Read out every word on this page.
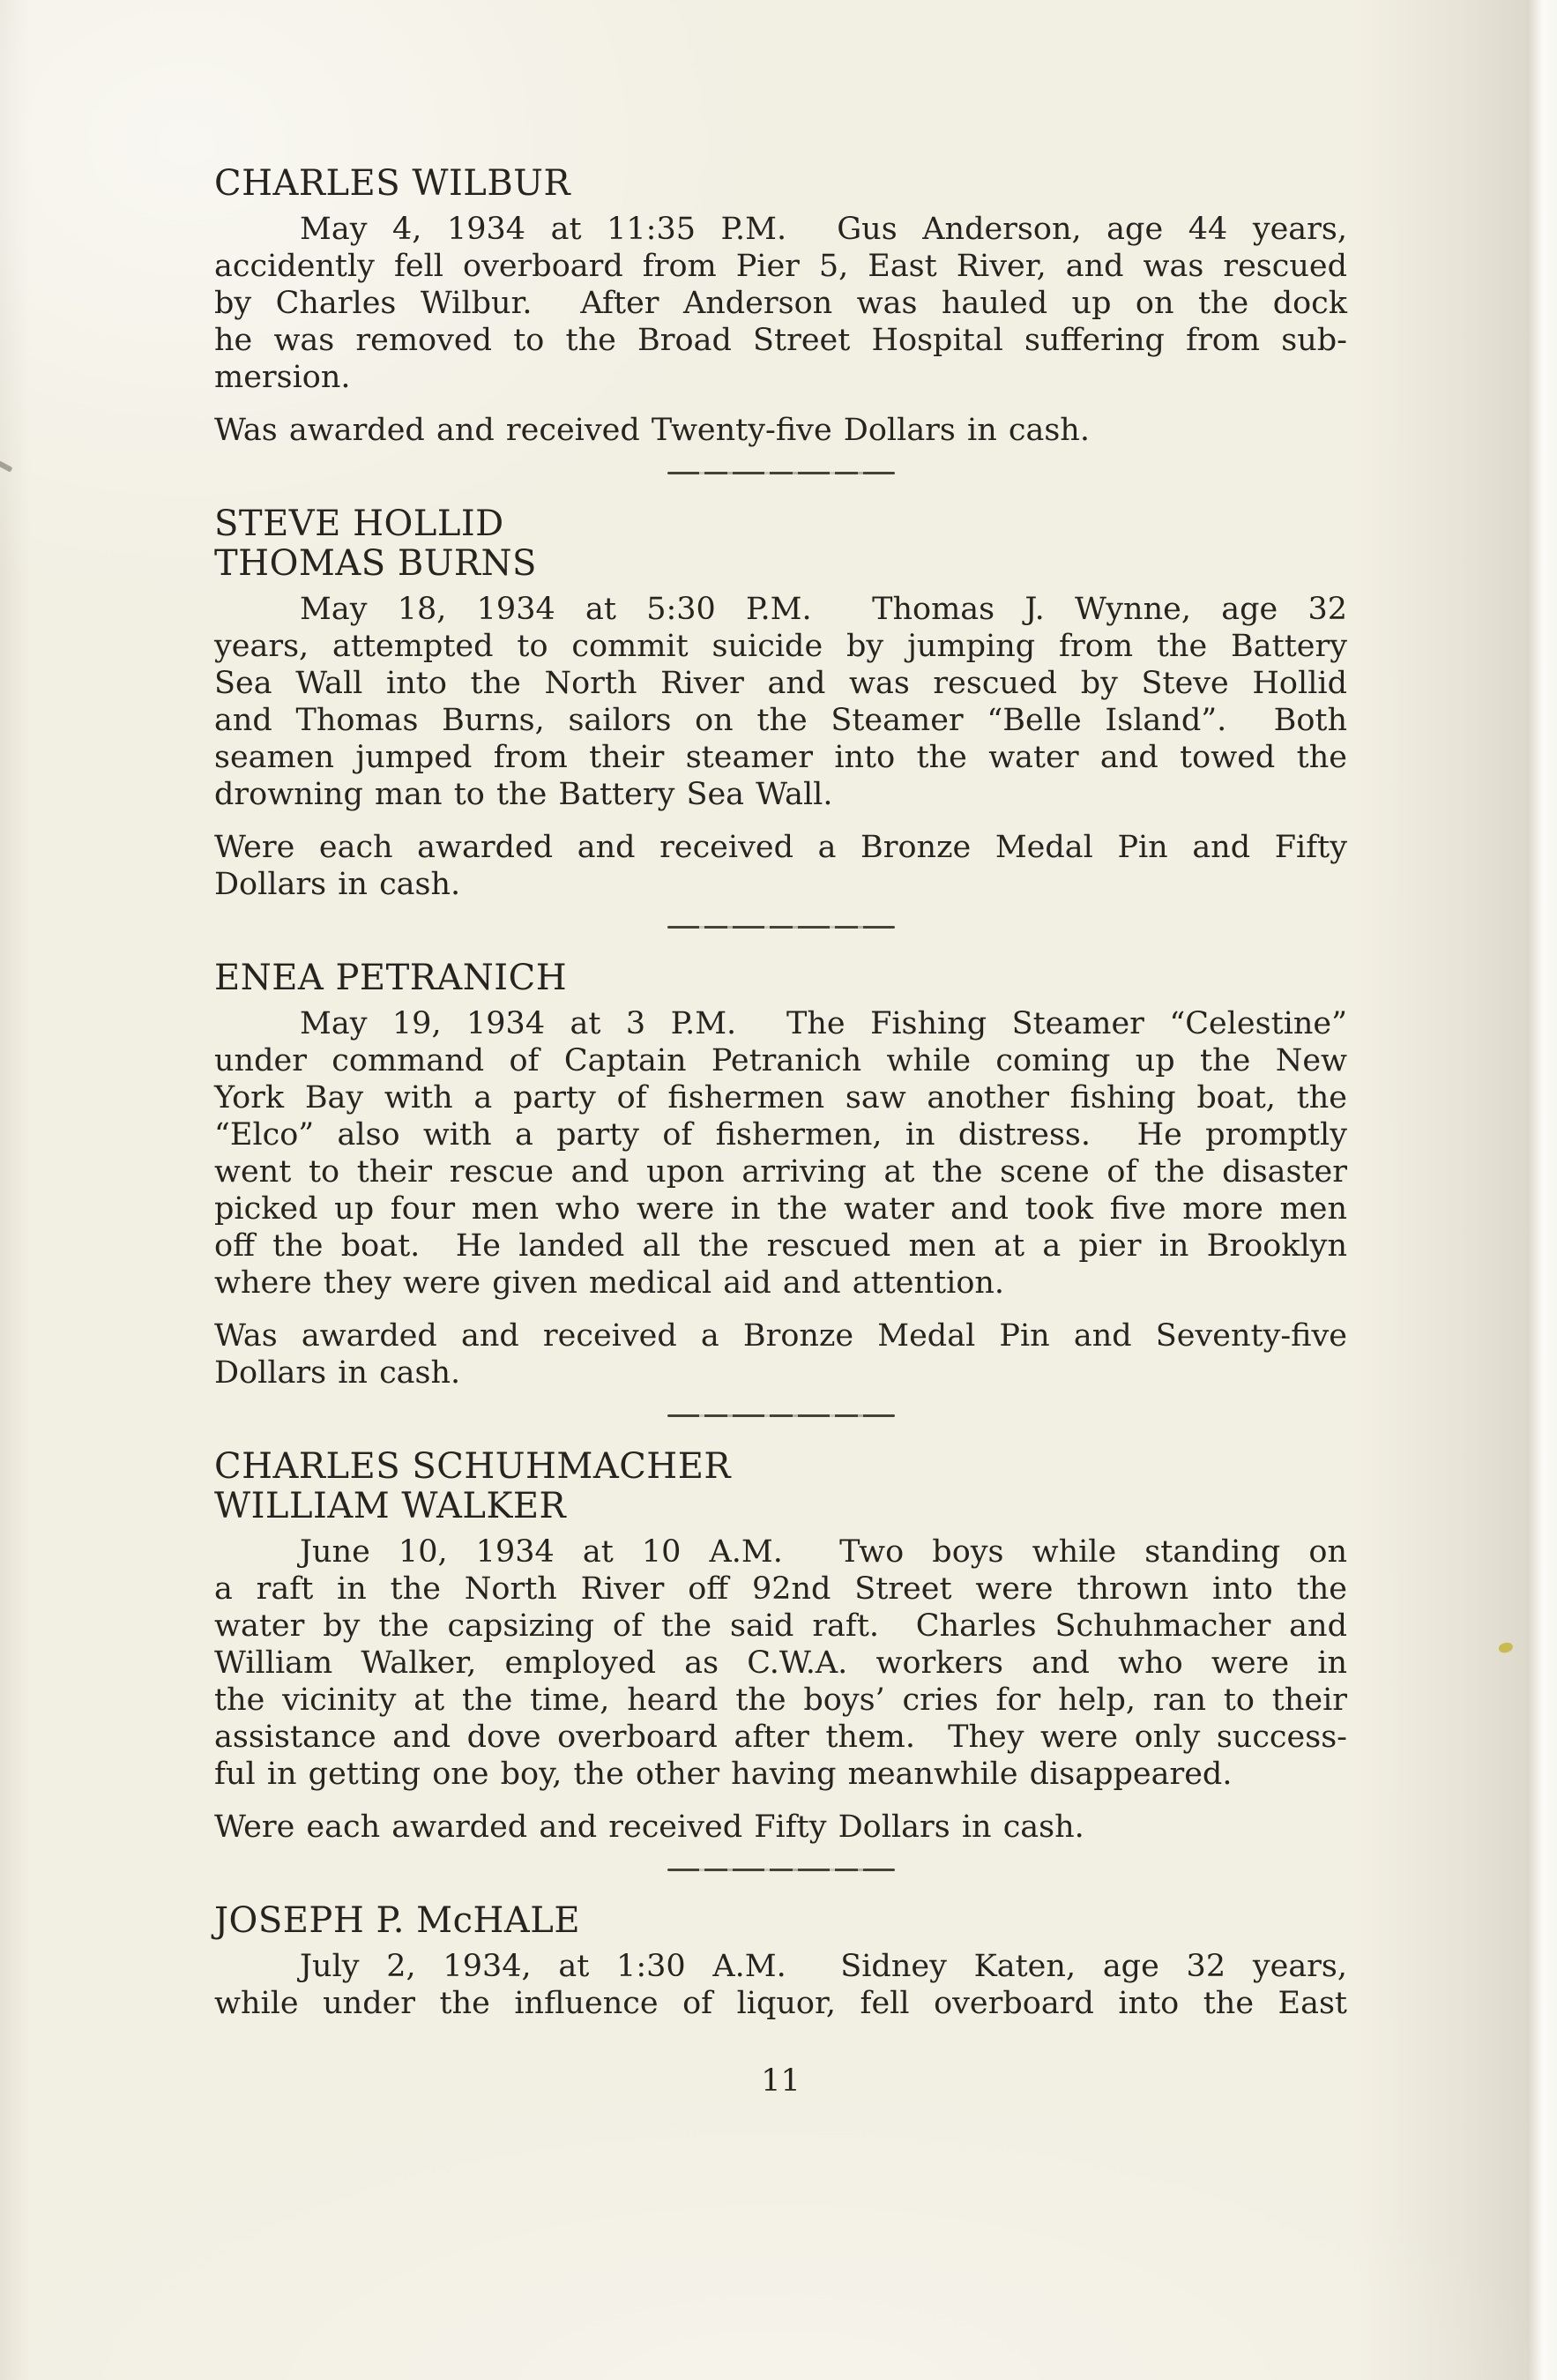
CHARLES WILBUR
May 4, 1934 at 11:35 P.M.  Gus Anderson, age 44 years,
accidently fell overboard from Pier 5, East River, and was rescued
by Charles Wilbur.  After Anderson was hauled up on the dock
he was removed to the Broad Street Hospital suffering from sub-
mersion.
Was awarded and received Twenty-five Dollars in cash.
STEVE HOLLID
THOMAS BURNS
May 18, 1934 at 5:30 P.M.  Thomas J. Wynne, age 32
years, attempted to commit suicide by jumping from the Battery
Sea Wall into the North River and was rescued by Steve Hollid
and Thomas Burns, sailors on the Steamer “Belle Island”.  Both
seamen jumped from their steamer into the water and towed the
drowning man to the Battery Sea Wall.
Were each awarded and received a Bronze Medal Pin and Fifty
Dollars in cash.
ENEA PETRANICH
May 19, 1934 at 3 P.M.  The Fishing Steamer “Celestine”
under command of Captain Petranich while coming up the New
York Bay with a party of fishermen saw another fishing boat, the
“Elco” also with a party of fishermen, in distress.  He promptly
went to their rescue and upon arriving at the scene of the disaster
picked up four men who were in the water and took five more men
off the boat.  He landed all the rescued men at a pier in Brooklyn
where they were given medical aid and attention.
Was awarded and received a Bronze Medal Pin and Seventy-five
Dollars in cash.
CHARLES SCHUHMACHER
WILLIAM WALKER
June 10, 1934 at 10 A.M.  Two boys while standing on
a raft in the North River off 92nd Street were thrown into the
water by the capsizing of the said raft.  Charles Schuhmacher and
William Walker, employed as C.W.A. workers and who were in
the vicinity at the time, heard the boys’ cries for help, ran to their
assistance and dove overboard after them.  They were only success-
ful in getting one boy, the other having meanwhile disappeared.
Were each awarded and received Fifty Dollars in cash.
JOSEPH P. McHALE
July 2, 1934, at 1:30 A.M.  Sidney Katen, age 32 years,
while under the influence of liquor, fell overboard into the East
11
